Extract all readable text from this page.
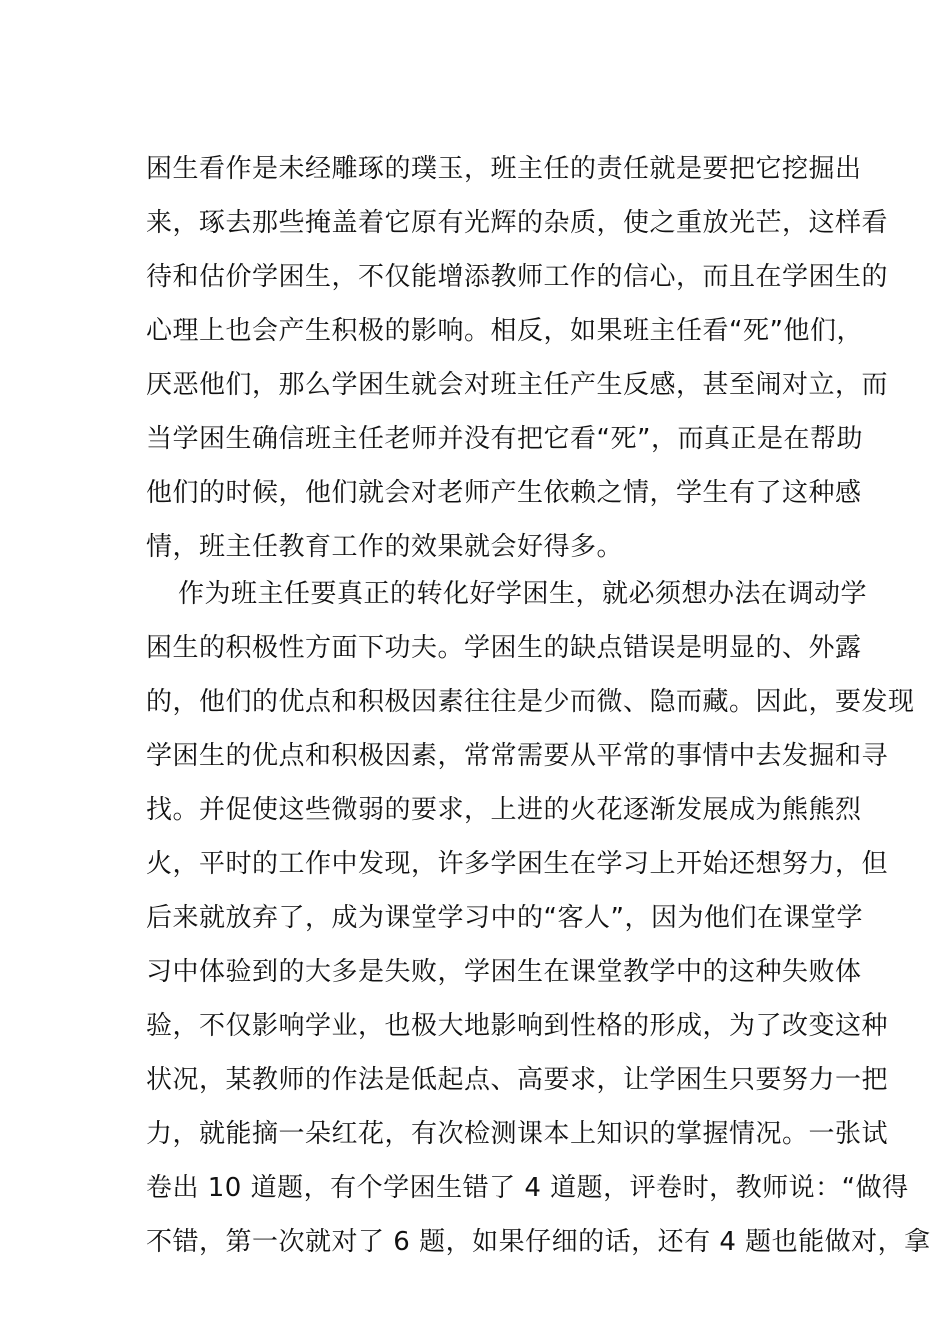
困生看作是未经雕琢的璞玉，班主任的责任就是要把它挖掘出
来，琢去那些掩盖着它原有光辉的杂质，使之重放光芒，这样看
待和估价学困生，不仅能增添教师工作的信心，而且在学困生的
心理上也会产生积极的影响。相反，如果班主任看“死”他们，
厌恶他们，那么学困生就会对班主任产生反感，甚至闹对立，而
当学困生确信班主任老师并没有把它看“死”，而真正是在帮助
他们的时候，他们就会对老师产生依赖之情，学生有了这种感
情，班主任教育工作的效果就会好得多。
作为班主任要真正的转化好学困生，就必须想办法在调动学
困生的积极性方面下功夫。学困生的缺点错误是明显的、外露
的，他们的优点和积极因素往往是少而微、隐而藏。因此，要发现
学困生的优点和积极因素，常常需要从平常的事情中去发掘和寻
找。并促使这些微弱的要求，上进的火花逐渐发展成为熊熊烈
火，平时的工作中发现，许多学困生在学习上开始还想努力，但
后来就放弃了，成为课堂学习中的“客人”，因为他们在课堂学
习中体验到的大多是失败，学困生在课堂教学中的这种失败体
验，不仅影响学业，也极大地影响到性格的形成，为了改变这种
状况，某教师的作法是低起点、高要求，让学困生只要努力一把
力，就能摘一朵红花，有次检测课本上知识的掌握情况。一张试
卷出 10 道题，有个学困生错了 4 道题，评卷时，教师说：“做得
不错，第一次就对了 6 题，如果仔细的话，还有 4 题也能做对，拿
